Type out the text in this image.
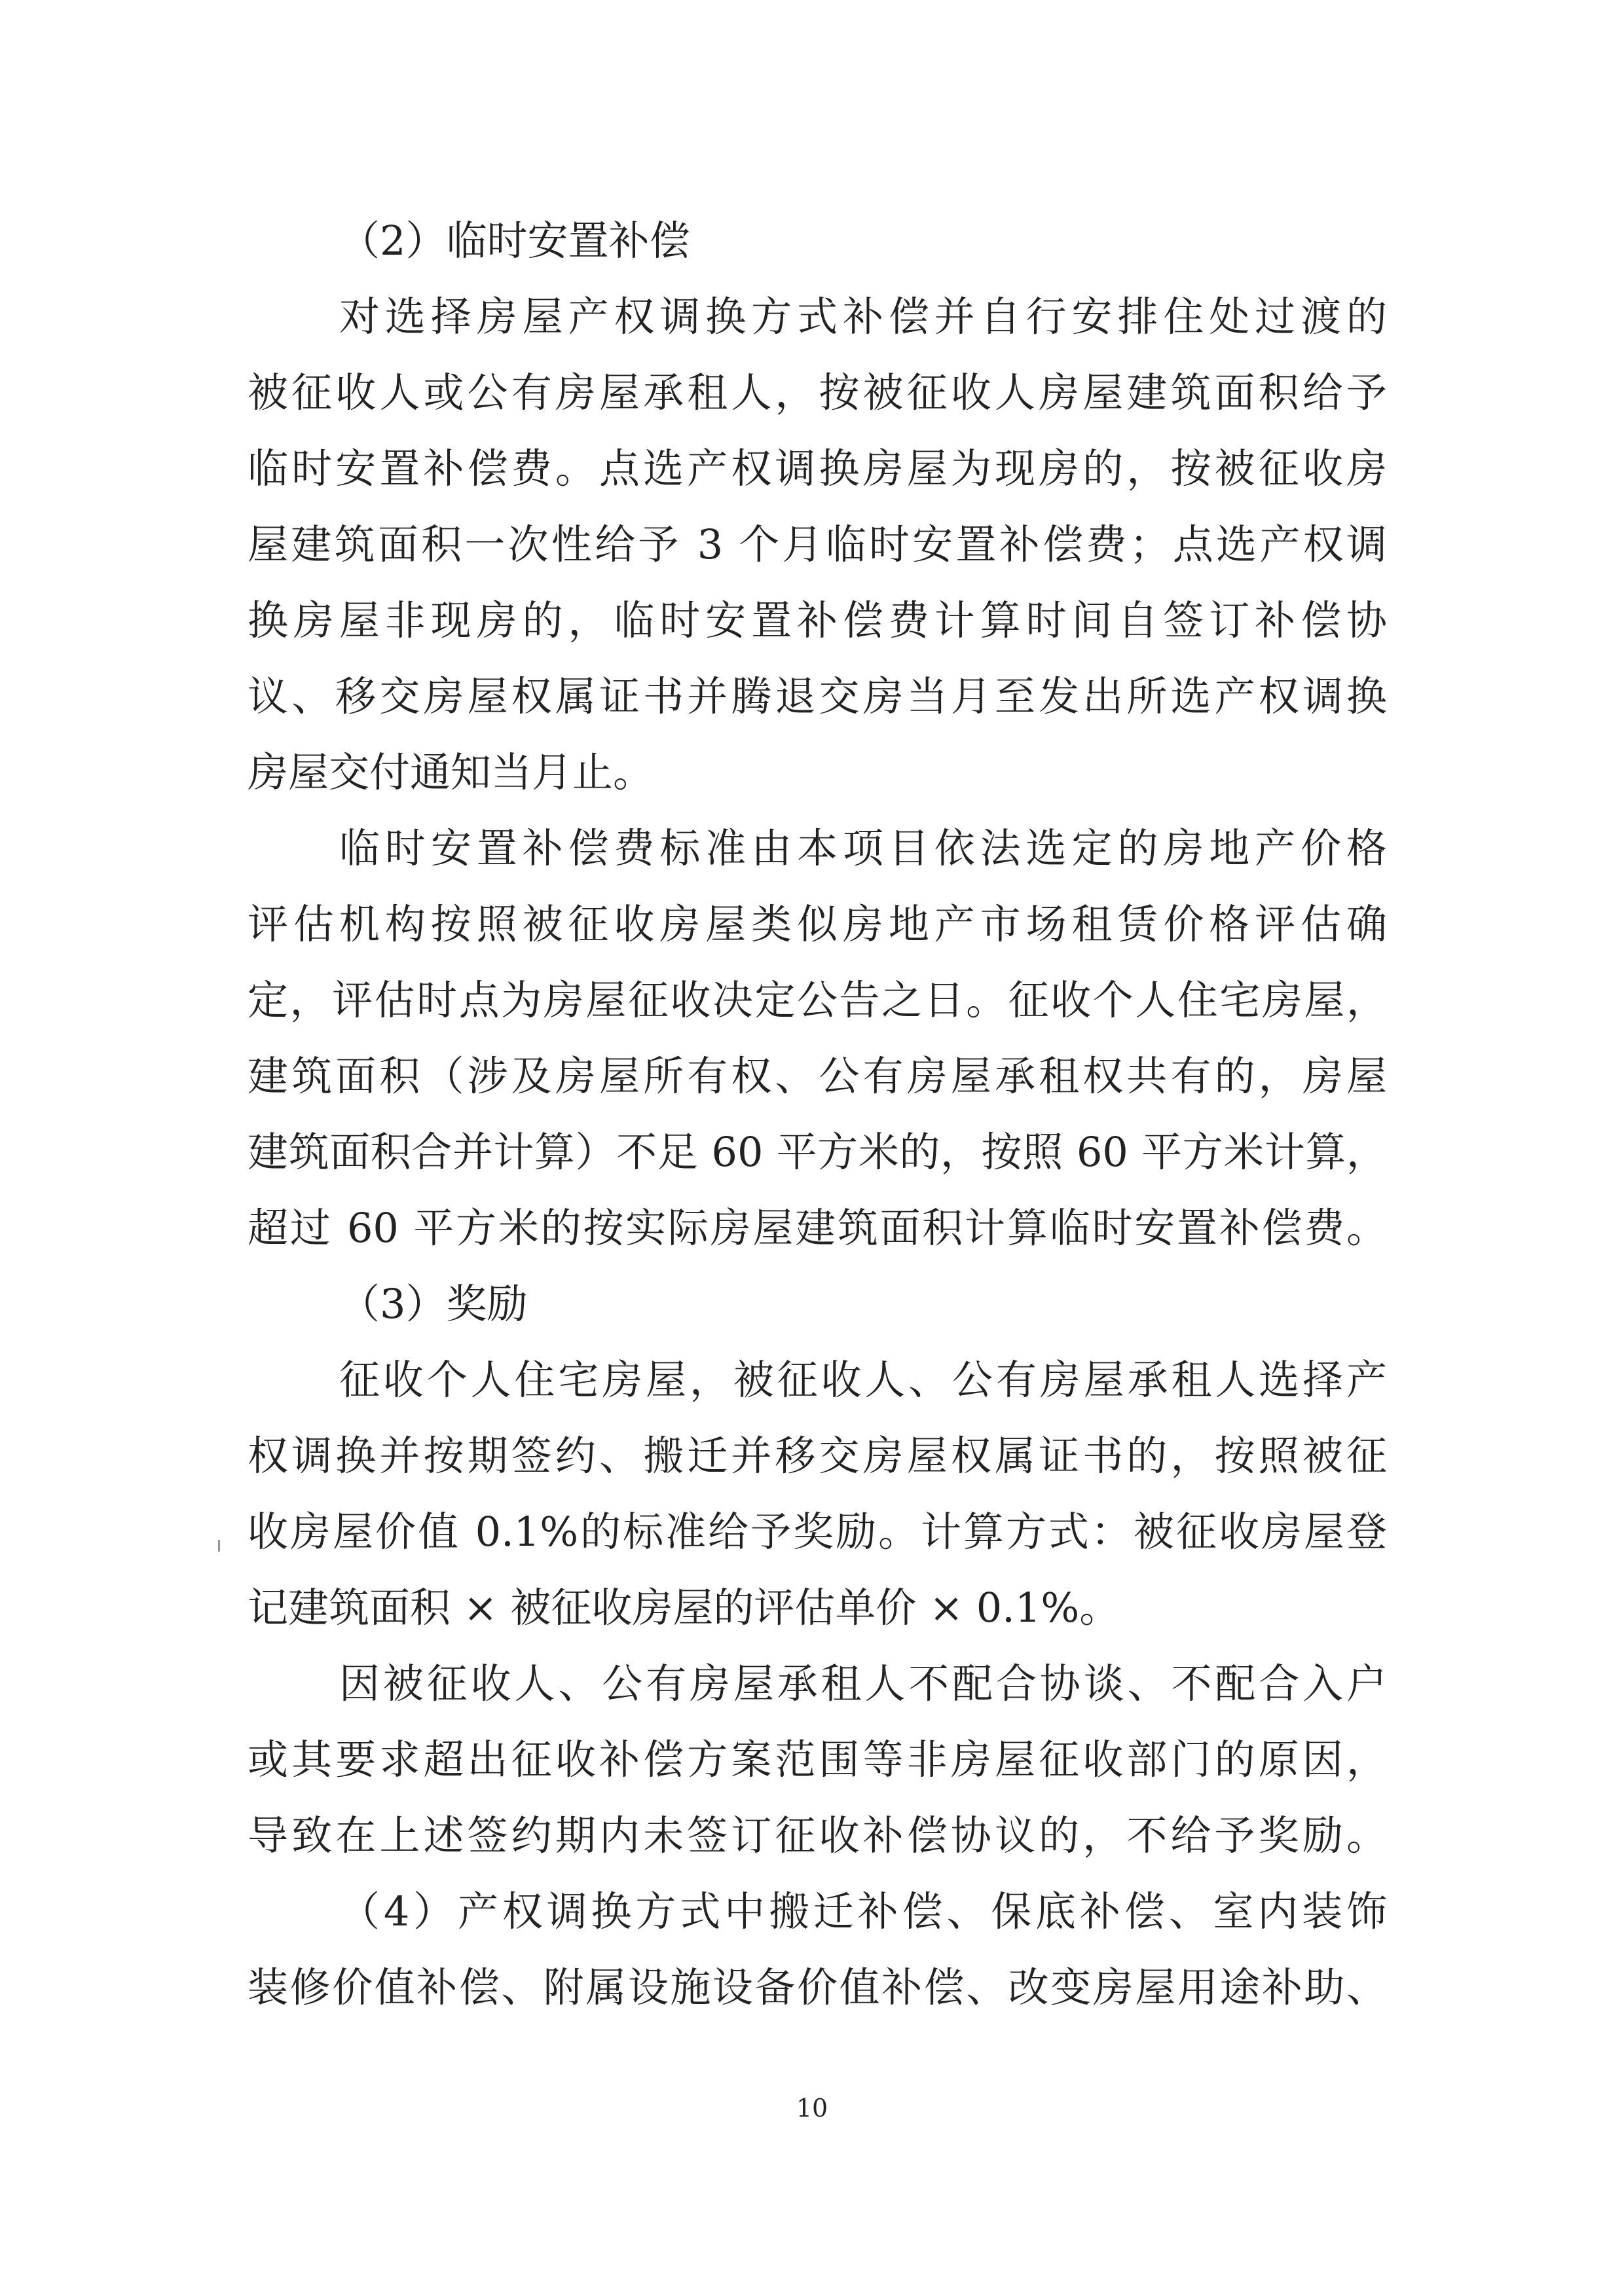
（2）临时安置补偿
对选择房屋产权调换方式补偿并自行安排住处过渡的
被征收人或公有房屋承租人，按被征收人房屋建筑面积给予
临时安置补偿费。点选产权调换房屋为现房的，按被征收房
屋建筑面积一次性给予 3 个月临时安置补偿费；点选产权调
换房屋非现房的，临时安置补偿费计算时间自签订补偿协
议、移交房屋权属证书并腾退交房当月至发出所选产权调换
房屋交付通知当月止。
临时安置补偿费标准由本项目依法选定的房地产价格
评估机构按照被征收房屋类似房地产市场租赁价格评估确
定，评估时点为房屋征收决定公告之日。征收个人住宅房屋，
建筑面积（涉及房屋所有权、公有房屋承租权共有的，房屋
建筑面积合并计算）不足 60 平方米的，按照 60 平方米计算，
超过 60 平方米的按实际房屋建筑面积计算临时安置补偿费。
（3）奖励
征收个人住宅房屋，被征收人、公有房屋承租人选择产
权调换并按期签约、搬迁并移交房屋权属证书的，按照被征
收房屋价值 0.1%的标准给予奖励。计算方式：被征收房屋登
记建筑面积 × 被征收房屋的评估单价 × 0.1%。
因被征收人、公有房屋承租人不配合协谈、不配合入户
或其要求超出征收补偿方案范围等非房屋征收部门的原因，
导致在上述签约期内未签订征收补偿协议的，不给予奖励。
（4）产权调换方式中搬迁补偿、保底补偿、室内装饰
装修价值补偿、附属设施设备价值补偿、改变房屋用途补助、
10
